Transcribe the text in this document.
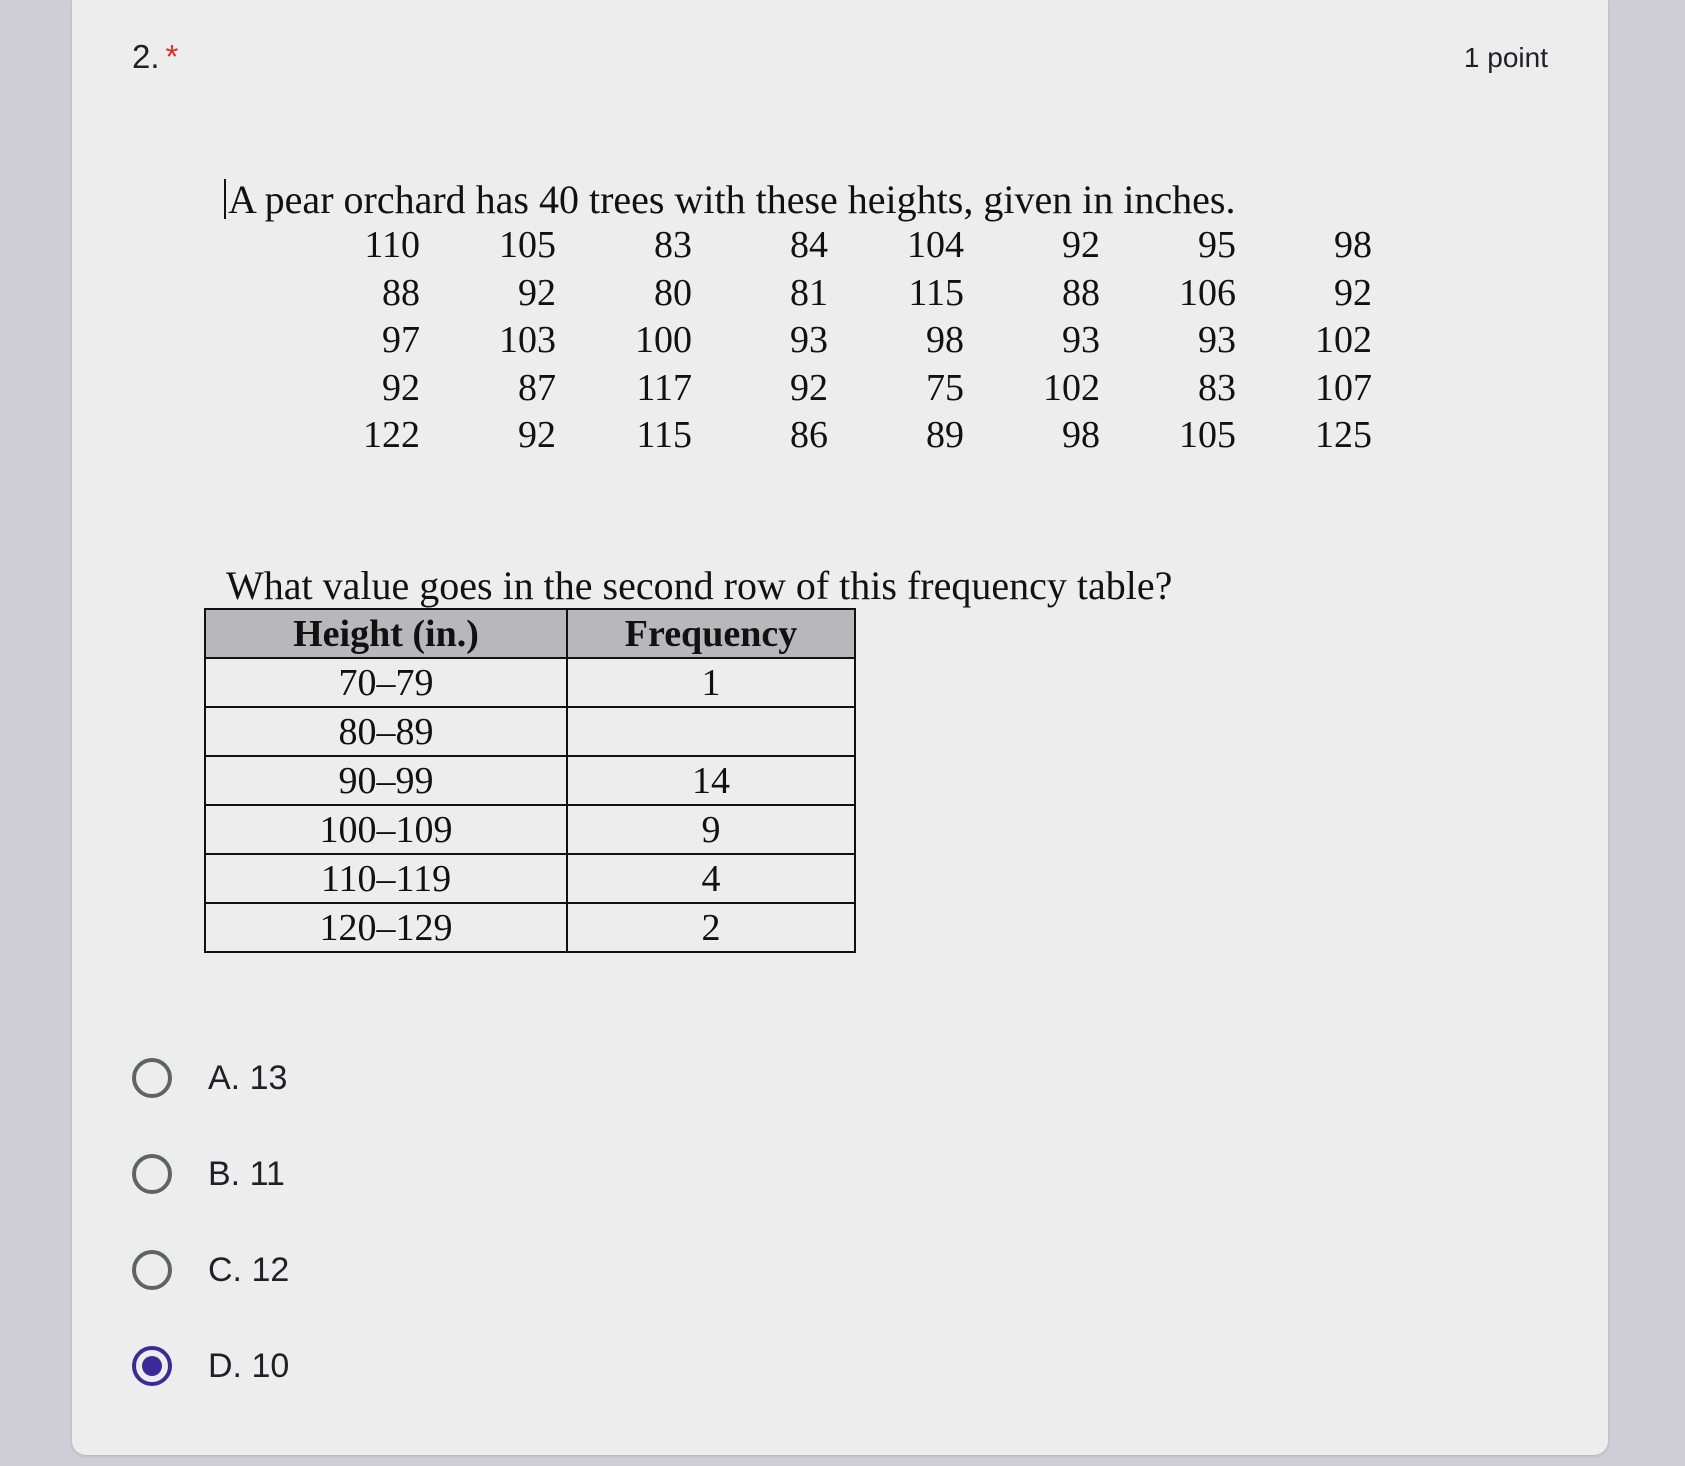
2. *	1 point
A pear orchard has 40 trees with these heights, given in inches.
110	105	83	84	104	92	95	98
88	92	80	81	115	88	106	92
97	103	100	93	98	93	93	102
92	87	117	92	75	102	83	107
122	92	115	86	89	98	105	125
What value goes in the second row of this frequency table?
Height (in.)	Frequency
70–79	1
80–89	
90–99	14
100–109	9
110–119	4
120–129	2
A. 13
B. 11
C. 12
D. 10
